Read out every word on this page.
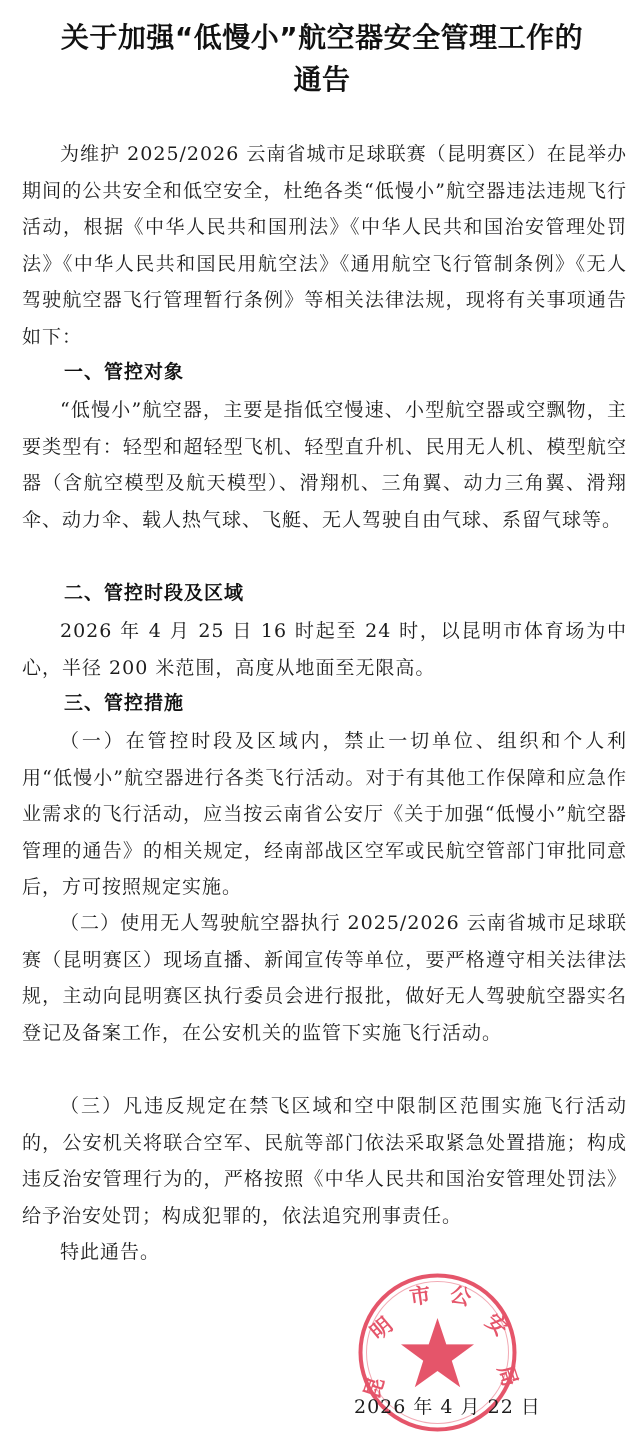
关于加强“低慢小”航空器安全管理工作的
通告

为维护 2025/2026 云南省城市足球联赛（昆明赛区）在昆举办期间的公共安全和低空安全，杜绝各类“低慢小”航空器违法违规飞行活动，根据《中华人民共和国刑法》《中华人民共和国治安管理处罚法》《中华人民共和国民用航空法》《通用航空飞行管制条例》《无人驾驶航空器飞行管理暂行条例》等相关法律法规，现将有关事项通告如下：

一、管控对象

“低慢小”航空器，主要是指低空慢速、小型航空器或空飘物，主要类型有：轻型和超轻型飞机、轻型直升机、民用无人机、模型航空器（含航空模型及航天模型）、滑翔机、三角翼、动力三角翼、滑翔伞、动力伞、载人热气球、飞艇、无人驾驶自由气球、系留气球等。

二、管控时段及区域

2026 年 4 月 25 日 16 时起至 24 时，以昆明市体育场为中心，半径 200 米范围，高度从地面至无限高。

三、管控措施

（一）在管控时段及区域内，禁止一切单位、组织和个人利用“低慢小”航空器进行各类飞行活动。对于有其他工作保障和应急作业需求的飞行活动，应当按云南省公安厅《关于加强“低慢小”航空器管理的通告》的相关规定，经南部战区空军或民航空管部门审批同意后，方可按照规定实施。

（二）使用无人驾驶航空器执行 2025/2026 云南省城市足球联赛（昆明赛区）现场直播、新闻宣传等单位，要严格遵守相关法律法规，主动向昆明赛区执行委员会进行报批，做好无人驾驶航空器实名登记及备案工作，在公安机关的监管下实施飞行活动。

（三）凡违反规定在禁飞区域和空中限制区范围实施飞行活动的，公安机关将联合空军、民航等部门依法采取紧急处置措施；构成违反治安管理行为的，严格按照《中华人民共和国治安管理处罚法》给予治安处罚；构成犯罪的，依法追究刑事责任。

特此通告。

昆
明
市 公
安
局

2026 年 4 月 22 日
